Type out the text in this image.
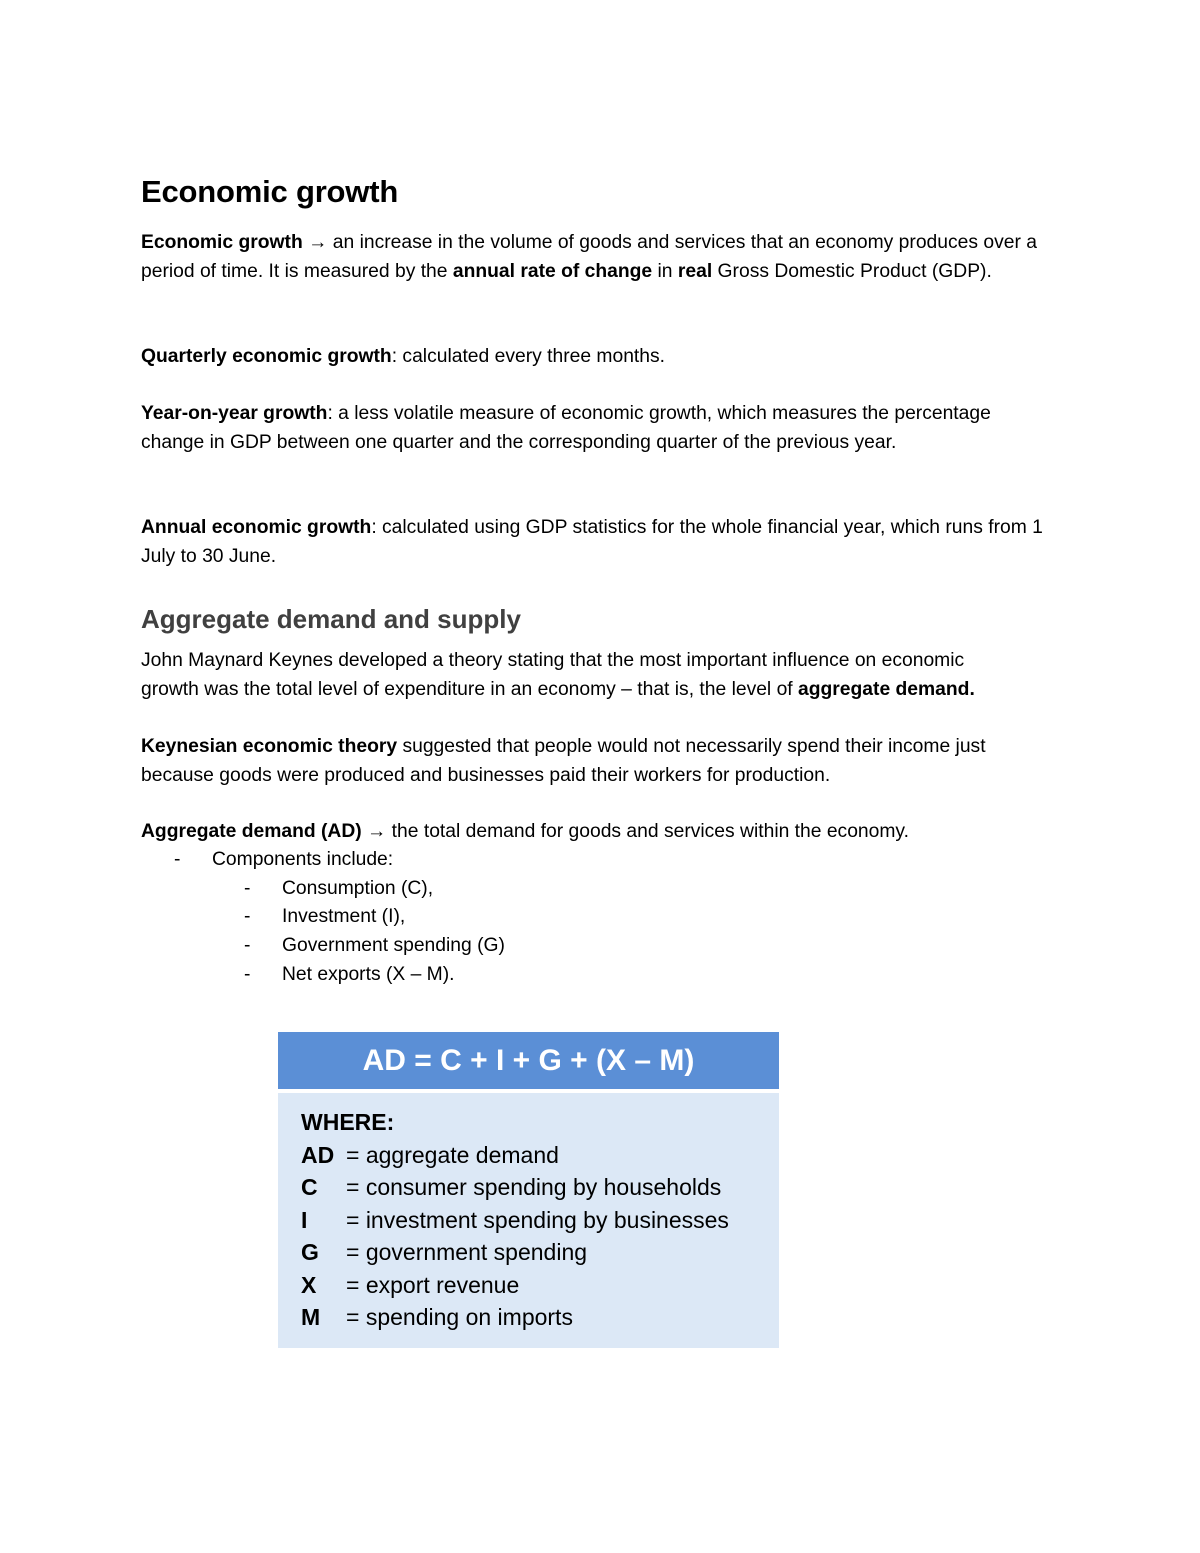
Economic growth

Economic growth → an increase in the volume of goods and services that an economy produces over a period of time. It is measured by the annual rate of change in real Gross Domestic Product (GDP).

Quarterly economic growth: calculated every three months.

Year-on-year growth: a less volatile measure of economic growth, which measures the percentage change in GDP between one quarter and the corresponding quarter of the previous year.

Annual economic growth: calculated using GDP statistics for the whole financial year, which runs from 1 July to 30 June.

Aggregate demand and supply

John Maynard Keynes developed a theory stating that the most important influence on economic growth was the total level of expenditure in an economy – that is, the level of aggregate demand.

Keynesian economic theory suggested that people would not necessarily spend their income just because goods were produced and businesses paid their workers for production.

Aggregate demand (AD) → the total demand for goods and services within the economy.

- Components include:
- Consumption (C),
- Investment (I),
- Government spending (G)
- Net exports (X – M).
AD = C + I + G + (X – M)
WHERE:
AD = aggregate demand
C = consumer spending by households
I = investment spending by businesses
G = government spending
X = export revenue
M = spending on imports
